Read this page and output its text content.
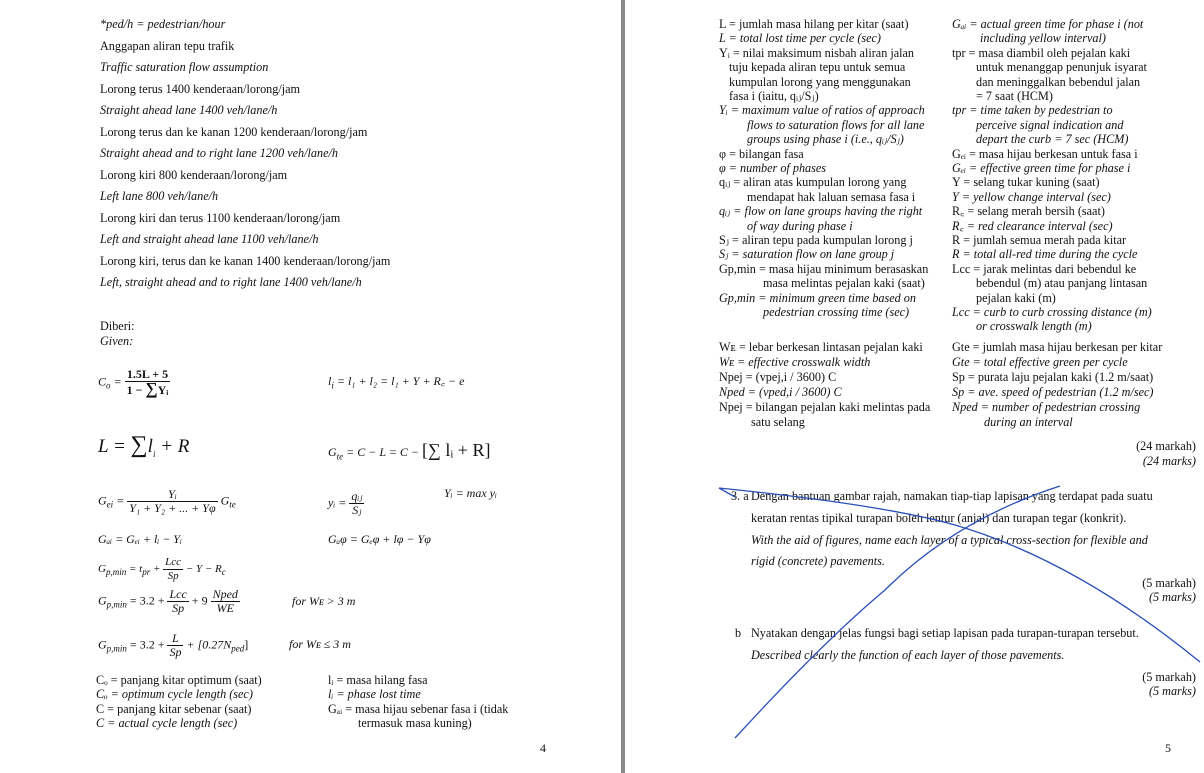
*ped/h = pedestrian/hour
Anggapan aliran tepu trafik
Traffic saturation flow assumption
Lorong terus 1400 kenderaan/lorong/jam
Straight ahead lane 1400 veh/lane/h
Lorong terus dan ke kanan 1200 kenderaan/lorong/jam
Straight ahead and to right lane 1200 veh/lane/h
Lorong kiri 800 kenderaan/lorong/jam
Left lane 800 veh/lane/h
Lorong kiri dan terus 1100 kenderaan/lorong/jam
Left and straight ahead lane 1100 veh/lane/h
Lorong kiri, terus dan ke kanan 1400 kenderaan/lorong/jam
Left, straight ahead and to right lane 1400 veh/lane/h
Diberi:
Given:
$C_o = \frac{1.5L + 5}{\text{1 − ∑Yᵢ}}$	$l_i = l_1 + l_2 = l_1 + Y$ + R꜀ − e
$L = \sum l_i + R$	$G_{te} = C - L = C$ − [∑ lᵢ + R]
$G_{ei} = \frac{\text{Yᵢ}}{\text{Y₁ + Y₂ + ... + Yφ}} G_{te}$	yᵢ = $\frac{\text{qᵢⱼ}}{\text{Sⱼ}}$	Yᵢ = max yᵢ
Gₐᵢ = Gₑᵢ + lᵢ − Yᵢ	Gₐφ = Gₑφ + lφ − Yφ
$G_{p,min} = t_{pr} + \frac{\text{Lcc}}{Sp} - Y - R_c$
$G_{p,min} = 3.2 + \frac{\text{Lcc}}{Sp} + 9 \frac{\text{Nped}}{WE}$	for Wᴇ > 3 m
$G_{p,min} = 3.2 + \frac{L}{Sp} + [0.27N_{ped}]$	for Wᴇ ≤ 3 m
Cₒ = panjang kitar optimum (saat)
Cₒ = optimum cycle length (sec)
C = panjang kitar sebenar (saat)
C = actual cycle length (sec)
lᵢ = masa hilang fasa
lᵢ = phase lost time
Gₐᵢ = masa hijau sebenar fasa i (tidak
termasuk masa kuning)
4
L = jumlah masa hilang per kitar (saat)
L = total lost time per cycle (sec)
Yᵢ = nilai maksimum nisbah aliran jalan
tuju kepada aliran tepu untuk semua
kumpulan lorong yang menggunakan
fasa i (iaitu, qᵢⱼ/Sⱼ)
Yᵢ = maximum value of ratios of approach
flows to saturation flows for all lane
groups using phase i (i.e., qᵢⱼ/Sⱼ)
φ = bilangan fasa
φ = number of phases
qᵢⱼ = aliran atas kumpulan lorong yang
mendapat hak laluan semasa fasa i
qᵢⱼ = flow on lane groups having the right
of way during phase i
Sⱼ = aliran tepu pada kumpulan lorong j
Sⱼ = saturation flow on lane group j
Gp,min = masa hijau minimum berasaskan
masa melintas pejalan kaki (saat)
Gp,min = minimum green time based on
pedestrian crossing time (sec)
Gₐᵢ = actual green time for phase i (not
including yellow interval)
tpr = masa diambil oleh pejalan kaki
untuk menanggap penunjuk isyarat
dan meninggalkan bebendul jalan
= 7 saat (HCM)
tpr = time taken by pedestrian to
perceive signal indication and
depart the curb = 7 sec (HCM)
Gₑᵢ = masa hijau berkesan untuk fasa i
Gₑᵢ = effective green time for phase i
Y = selang tukar kuning (saat)
Y = yellow change interval (sec)
R꜀ = selang merah bersih (saat)
R꜀ = red clearance interval (sec)
R = jumlah semua merah pada kitar
R = total all-red time during the cycle
Lcc = jarak melintas dari bebendul ke
bebendul (m) atau panjang lintasan
pejalan kaki (m)
Lcc = curb to curb crossing distance (m)
or crosswalk length (m)
Wᴇ = lebar berkesan lintasan pejalan kaki
Wᴇ = effective crosswalk width
Npej = (vpej,i / 3600) C
Nped = (vped,i / 3600) C
Npej = bilangan pejalan kaki melintas pada
satu selang
Gte = jumlah masa hijau berkesan per kitar
Gte = total effective green per cycle
Sp = purata laju pejalan kaki (1.2 m/saat)
Sp = ave. speed of pedestrian (1.2 m/sec)
Nped = number of pedestrian crossing
during an interval
(24 markah)
(24 marks)
3. a Dengan bantuan gambar rajah, namakan tiap-tiap lapisan yang terdapat pada suatu
keratan rentas tipikal turapan boleh lentur (anjal) dan turapan tegar (konkrit).
With the aid of figures, name each layer of a typical cross-section for flexible and
rigid (concrete) pavements.
(5 markah)
(5 marks)
b Nyatakan dengan jelas fungsi bagi setiap lapisan pada turapan-turapan tersebut.
Described clearly the function of each layer of those pavements.
(5 markah)
(5 marks)
5
